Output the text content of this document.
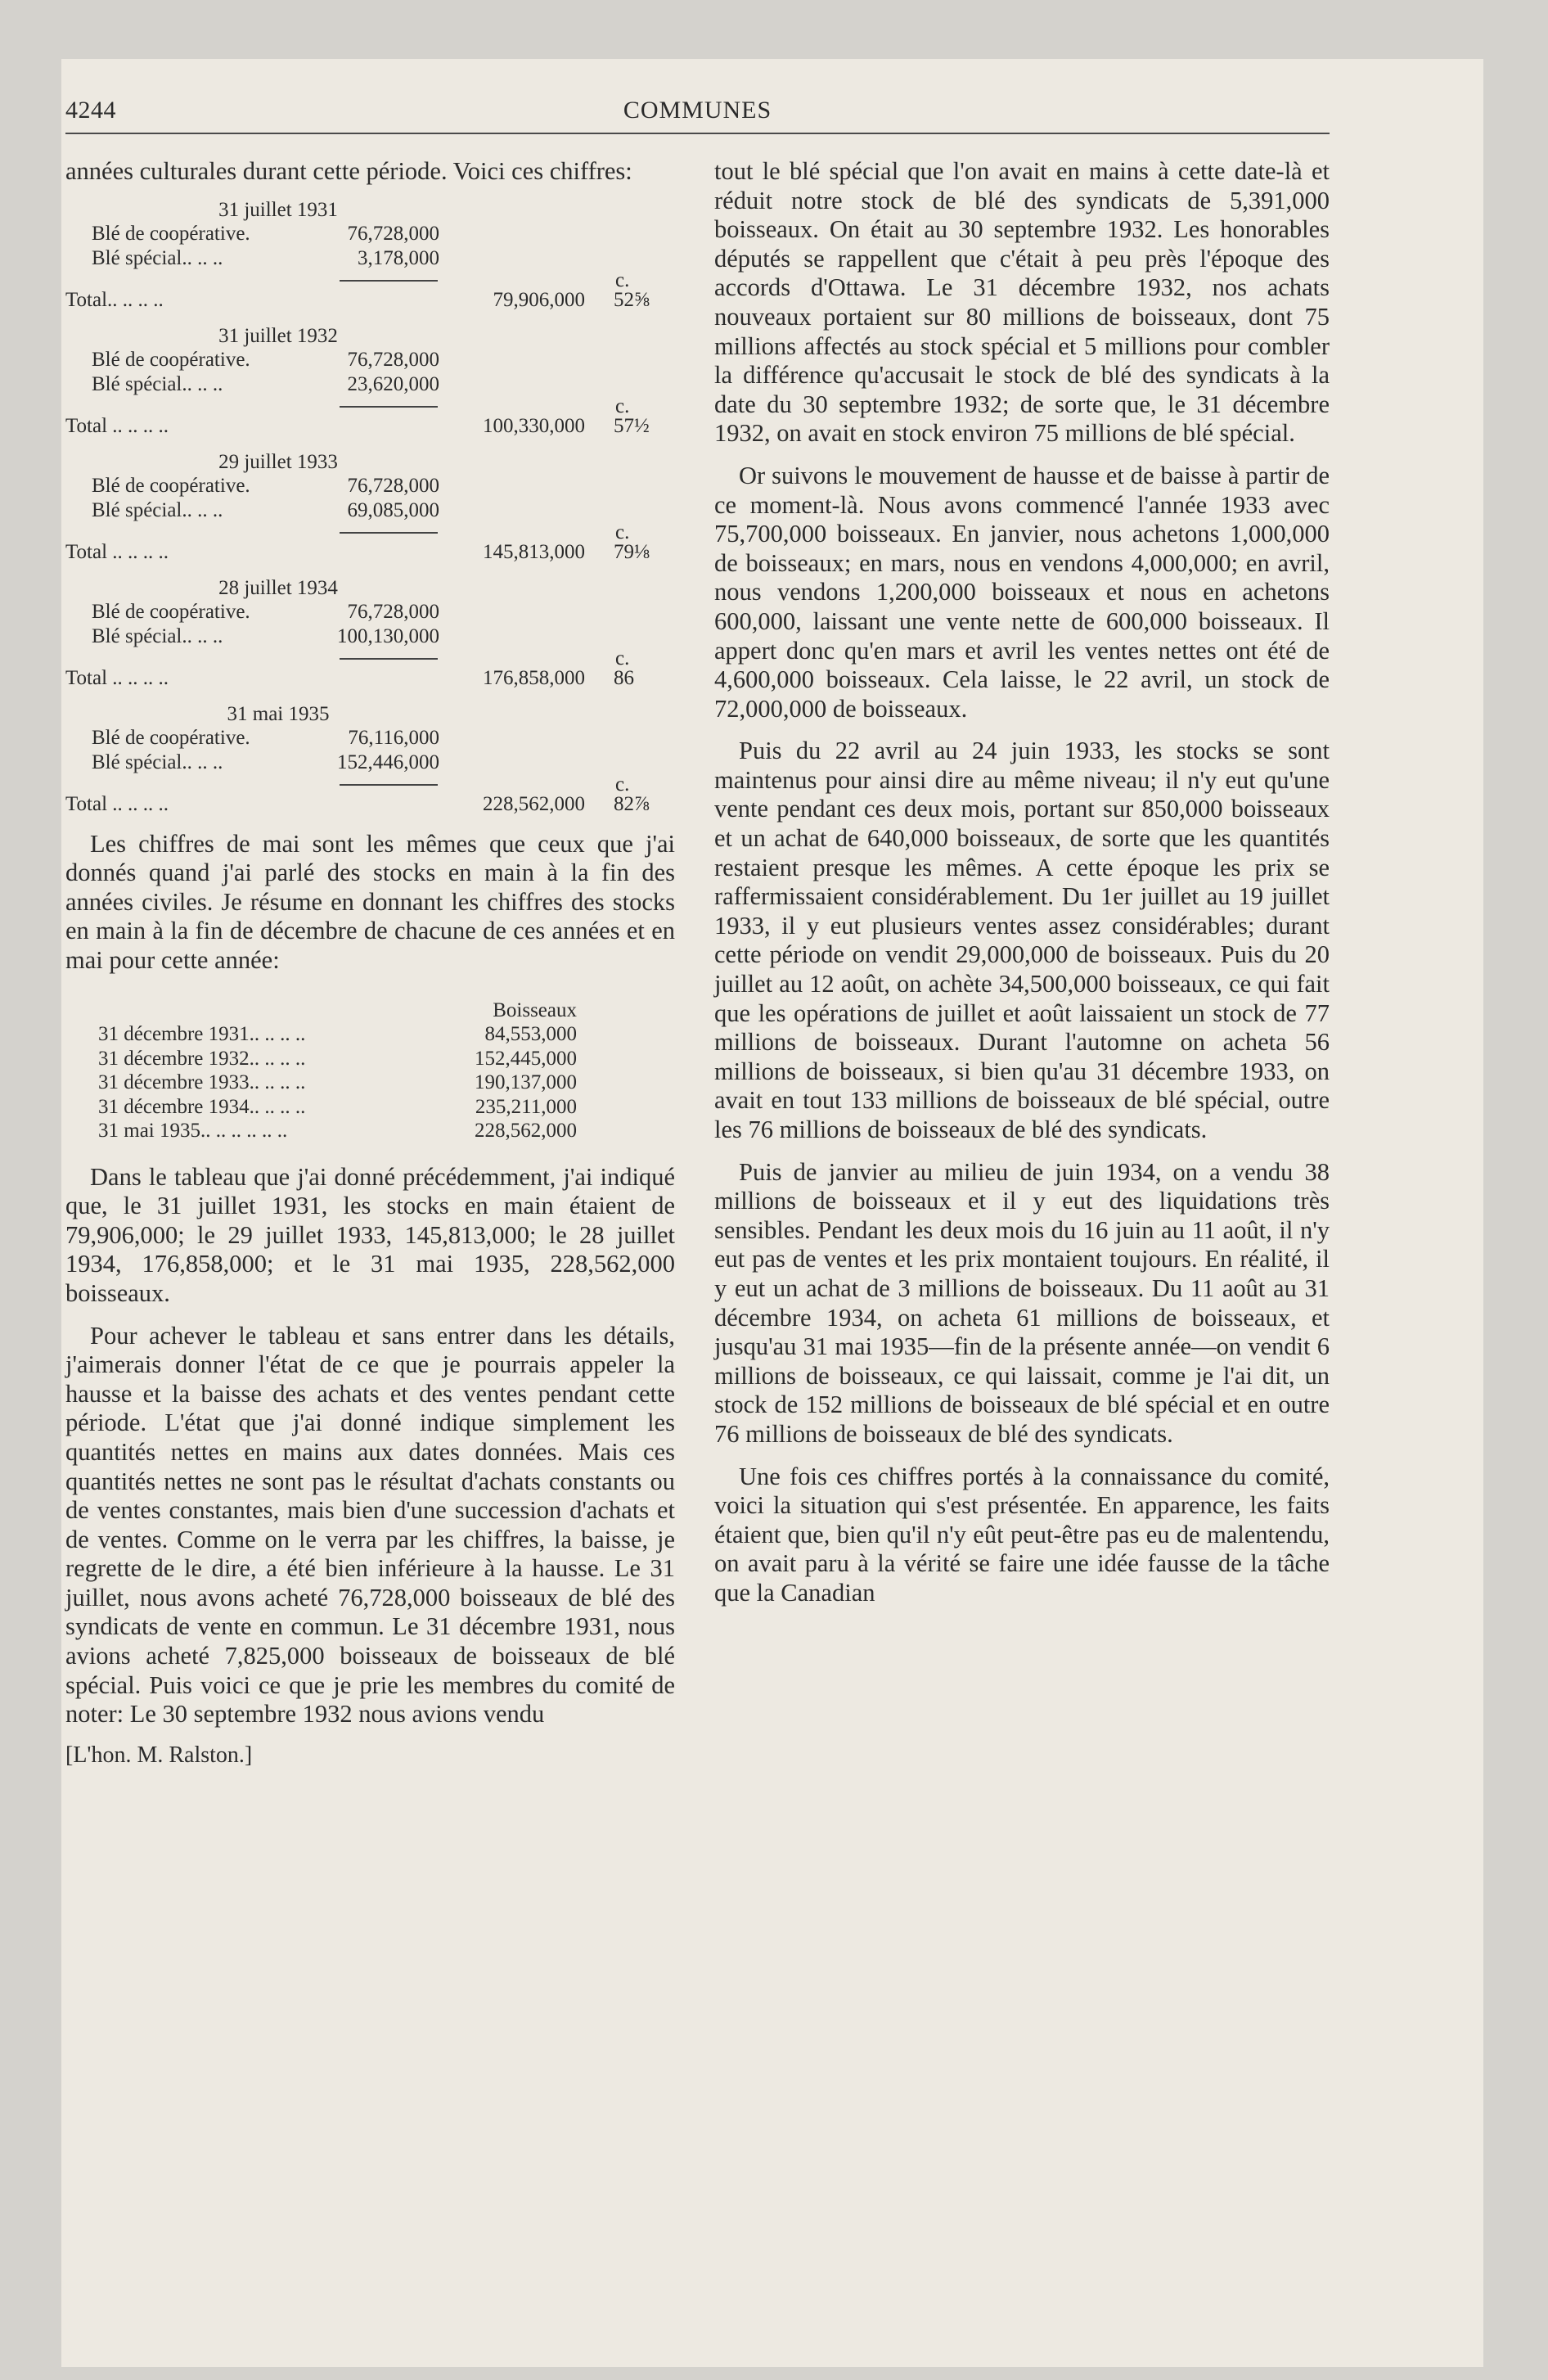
4244	COMMUNES

années culturales durant cette période. Voici ces chiffres:

31 juillet 1931
Blé de coopérative.	76,728,000
Blé spécial.. .. ..	3,178,000
c.
Total.. .. .. ..	79,906,000 52⅝
31 juillet 1932
Blé de coopérative.	76,728,000
Blé spécial.. .. ..	23,620,000
c.
Total .. .. .. ..	100,330,000 57½
29 juillet 1933
Blé de coopérative.	76,728,000
Blé spécial.. .. ..	69,085,000
c.
Total .. .. .. ..	145,813,000 79⅛
28 juillet 1934
Blé de coopérative.	76,728,000
Blé spécial.. .. ..	100,130,000
c.
Total .. .. .. ..	176,858,000 86
31 mai 1935
Blé de coopérative.	76,116,000
Blé spécial.. .. ..	152,446,000
c.
Total .. .. .. ..	228,562,000 82⅞

Les chiffres de mai sont les mêmes que ceux que j'ai donnés quand j'ai parlé des stocks en main à la fin des années civiles. Je résume en donnant les chiffres des stocks en main à la fin de décembre de chacune de ces années et en mai pour cette année:

Boisseaux
31 décembre 1931.. .. .. ..	84,553,000
31 décembre 1932.. .. .. ..	152,445,000
31 décembre 1933.. .. .. ..	190,137,000
31 décembre 1934.. .. .. ..	235,211,000
31 mai 1935.. .. .. .. .. ..	228,562,000

Dans le tableau que j'ai donné précédemment, j'ai indiqué que, le 31 juillet 1931, les stocks en main étaient de 79,906,000; le 29 juillet 1933, 145,813,000; le 28 juillet 1934, 176,858,000; et le 31 mai 1935, 228,562,000 boisseaux.

Pour achever le tableau et sans entrer dans les détails, j'aimerais donner l'état de ce que je pourrais appeler la hausse et la baisse des achats et des ventes pendant cette période. L'état que j'ai donné indique simplement les quantités nettes en mains aux dates données. Mais ces quantités nettes ne sont pas le résultat d'achats constants ou de ventes constantes, mais bien d'une succession d'achats et de ventes. Comme on le verra par les chiffres, la baisse, je regrette de le dire, a été bien inférieure à la hausse. Le 31 juillet, nous avons acheté 76,728,000 boisseaux de blé des syndicats de vente en commun. Le 31 décembre 1931, nous avions acheté 7,825,000 boisseaux de boisseaux de blé spécial. Puis voici ce que je prie les membres du comité de noter: Le 30 septembre 1932 nous avions vendu

[L'hon. M. Ralston.]

tout le blé spécial que l'on avait en mains à cette date-là et réduit notre stock de blé des syndicats de 5,391,000 boisseaux. On était au 30 septembre 1932. Les honorables députés se rappellent que c'était à peu près l'époque des accords d'Ottawa. Le 31 décembre 1932, nos achats nouveaux portaient sur 80 millions de boisseaux, dont 75 millions affectés au stock spécial et 5 millions pour combler la différence qu'accusait le stock de blé des syndicats à la date du 30 septembre 1932; de sorte que, le 31 décembre 1932, on avait en stock environ 75 millions de blé spécial.

Or suivons le mouvement de hausse et de baisse à partir de ce moment-là. Nous avons commencé l'année 1933 avec 75,700,000 boisseaux. En janvier, nous achetons 1,000,000 de boisseaux; en mars, nous en vendons 4,000,000; en avril, nous vendons 1,200,000 boisseaux et nous en achetons 600,000, laissant une vente nette de 600,000 boisseaux. Il appert donc qu'en mars et avril les ventes nettes ont été de 4,600,000 boisseaux. Cela laisse, le 22 avril, un stock de 72,000,000 de boisseaux.

Puis du 22 avril au 24 juin 1933, les stocks se sont maintenus pour ainsi dire au même niveau; il n'y eut qu'une vente pendant ces deux mois, portant sur 850,000 boisseaux et un achat de 640,000 boisseaux, de sorte que les quantités restaient presque les mêmes. A cette époque les prix se raffermissaient considérablement. Du 1er juillet au 19 juillet 1933, il y eut plusieurs ventes assez considérables; durant cette période on vendit 29,000,000 de boisseaux. Puis du 20 juillet au 12 août, on achète 34,500,000 boisseaux, ce qui fait que les opérations de juillet et août laissaient un stock de 77 millions de boisseaux. Durant l'automne on acheta 56 millions de boisseaux, si bien qu'au 31 décembre 1933, on avait en tout 133 millions de boisseaux de blé spécial, outre les 76 millions de boisseaux de blé des syndicats.

Puis de janvier au milieu de juin 1934, on a vendu 38 millions de boisseaux et il y eut des liquidations très sensibles. Pendant les deux mois du 16 juin au 11 août, il n'y eut pas de ventes et les prix montaient toujours. En réalité, il y eut un achat de 3 millions de boisseaux. Du 11 août au 31 décembre 1934, on acheta 61 millions de boisseaux, et jusqu'au 31 mai 1935—fin de la présente année—on vendit 6 millions de boisseaux, ce qui laissait, comme je l'ai dit, un stock de 152 millions de boisseaux de blé spécial et en outre 76 millions de boisseaux de blé des syndicats.

Une fois ces chiffres portés à la connaissance du comité, voici la situation qui s'est présentée. En apparence, les faits étaient que, bien qu'il n'y eût peut-être pas eu de malentendu, on avait paru à la vérité se faire une idée fausse de la tâche que la Canadian
